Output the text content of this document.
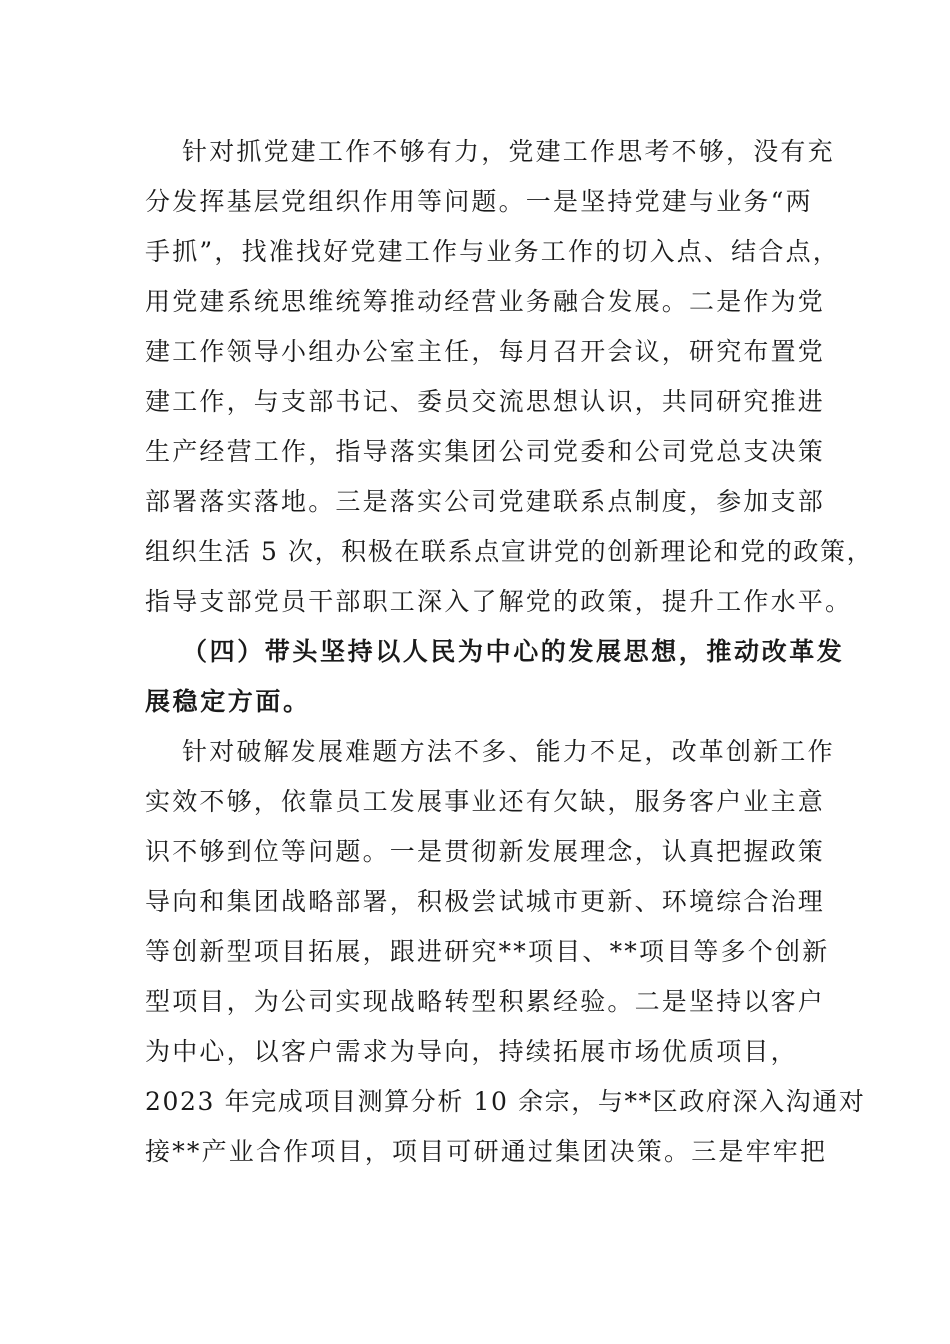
针对抓党建工作不够有力，党建工作思考不够，没有充
分发挥基层党组织作用等问题。一是坚持党建与业务“两
手抓”，找准找好党建工作与业务工作的切入点、结合点，
用党建系统思维统筹推动经营业务融合发展。二是作为党
建工作领导小组办公室主任，每月召开会议，研究布置党
建工作，与支部书记、委员交流思想认识，共同研究推进
生产经营工作，指导落实集团公司党委和公司党总支决策
部署落实落地。三是落实公司党建联系点制度，参加支部
组织生活 5 次，积极在联系点宣讲党的创新理论和党的政策，
指导支部党员干部职工深入了解党的政策，提升工作水平。
（四）带头坚持以人民为中心的发展思想，推动改革发
展稳定方面。
针对破解发展难题方法不多、能力不足，改革创新工作
实效不够，依靠员工发展事业还有欠缺，服务客户业主意
识不够到位等问题。一是贯彻新发展理念，认真把握政策
导向和集团战略部署，积极尝试城市更新、环境综合治理
等创新型项目拓展，跟进研究**项目、**项目等多个创新
型项目，为公司实现战略转型积累经验。二是坚持以客户
为中心，以客户需求为导向，持续拓展市场优质项目，
2023 年完成项目测算分析 10 余宗，与**区政府深入沟通对
接**产业合作项目，项目可研通过集团决策。三是牢牢把
